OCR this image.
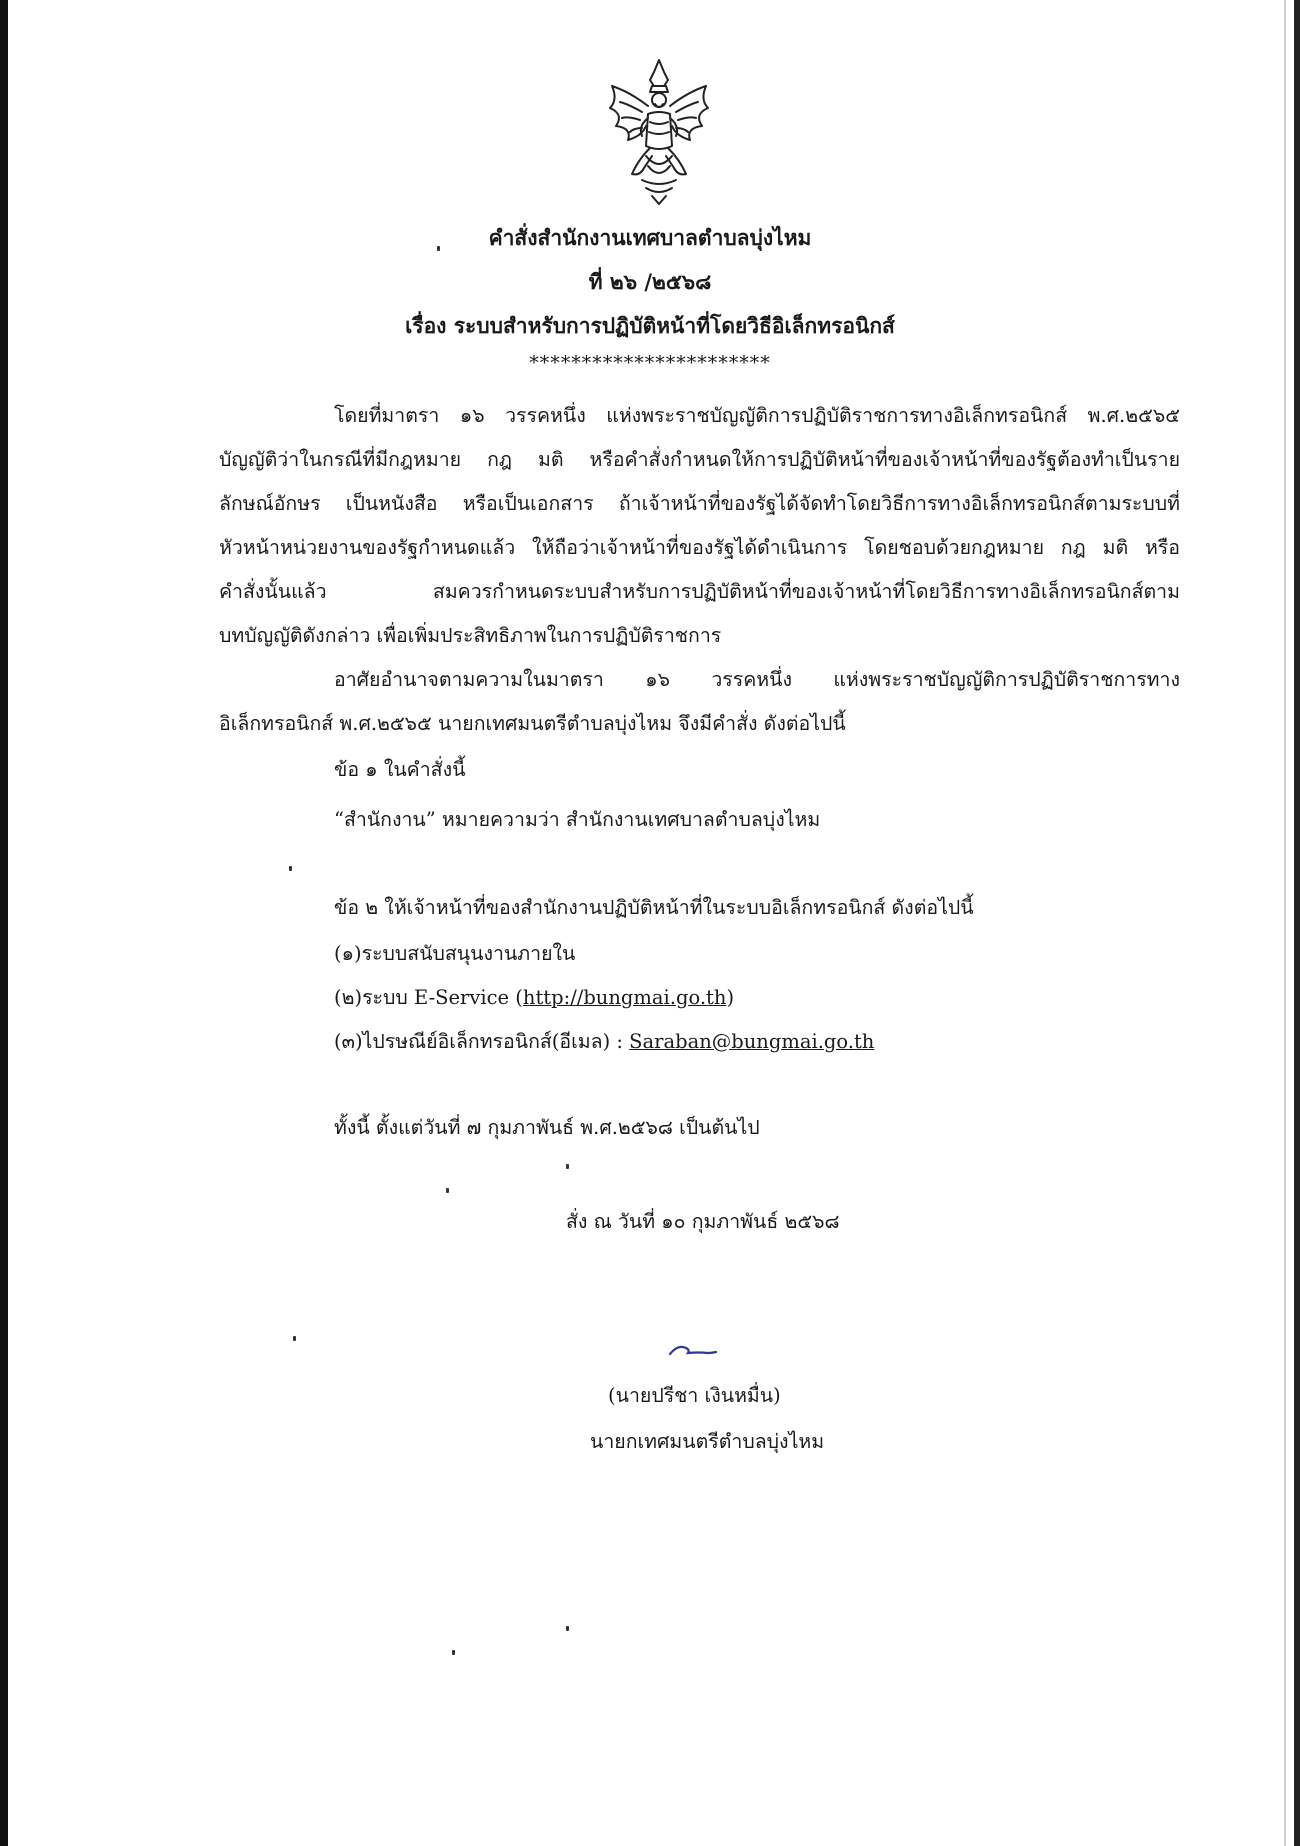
คำสั่งสำนักงานเทศบาลตำบลบุ่งไหม
ที่ ๒๖ /๒๕๖๘
เรื่อง ระบบสำหรับการปฏิบัติหน้าที่โดยวิธีอิเล็กทรอนิกส์
***********************
โดยที่มาตรา ๑๖ วรรคหนึ่ง แห่งพระราชบัญญัติการปฏิบัติราชการทางอิเล็กทรอนิกส์ พ.ศ.๒๕๖๕
บัญญัติว่าในกรณีที่มีกฎหมาย กฎ มติ หรือคำสั่งกำหนดให้การปฏิบัติหน้าที่ของเจ้าหน้าที่ของรัฐต้องทำเป็นราย
ลักษณ์อักษร เป็นหนังสือ หรือเป็นเอกสาร ถ้าเจ้าหน้าที่ของรัฐได้จัดทำโดยวิธีการทางอิเล็กทรอนิกส์ตามระบบที่
หัวหน้าหน่วยงานของรัฐกำหนดแล้ว ให้ถือว่าเจ้าหน้าที่ของรัฐได้ดำเนินการ โดยชอบด้วยกฎหมาย กฎ มติ หรือ
คำสั่งนั้นแล้ว สมควรกำหนดระบบสำหรับการปฏิบัติหน้าที่ของเจ้าหน้าที่โดยวิธีการทางอิเล็กทรอนิกส์ตาม
บทบัญญัติดังกล่าว เพื่อเพิ่มประสิทธิภาพในการปฏิบัติราชการ
อาศัยอำนาจตามความในมาตรา ๑๖ วรรคหนึ่ง แห่งพระราชบัญญัติการปฏิบัติราชการทาง
อิเล็กทรอนิกส์ พ.ศ.๒๕๖๕ นายกเทศมนตรีตำบลบุ่งไหม จึงมีคำสั่ง ดังต่อไปนี้
ข้อ ๑ ในคำสั่งนี้
“สำนักงาน” หมายความว่า สำนักงานเทศบาลตำบลบุ่งไหม
ข้อ ๒ ให้เจ้าหน้าที่ของสำนักงานปฏิบัติหน้าที่ในระบบอิเล็กทรอนิกส์ ดังต่อไปนี้
(๑)ระบบสนับสนุนงานภายใน
(๒)ระบบ E-Service (http://bungmai.go.th)
(๓)ไปรษณีย์อิเล็กทรอนิกส์(อีเมล) : Saraban@bungmai.go.th
ทั้งนี้ ตั้งแต่วันที่ ๗ กุมภาพันธ์ พ.ศ.๒๕๖๘ เป็นต้นไป
สั่ง ณ วันที่ ๑๐ กุมภาพันธ์ ๒๕๖๘
(นายปรีชา เงินหมื่น)
นายกเทศมนตรีตำบลบุ่งไหม
